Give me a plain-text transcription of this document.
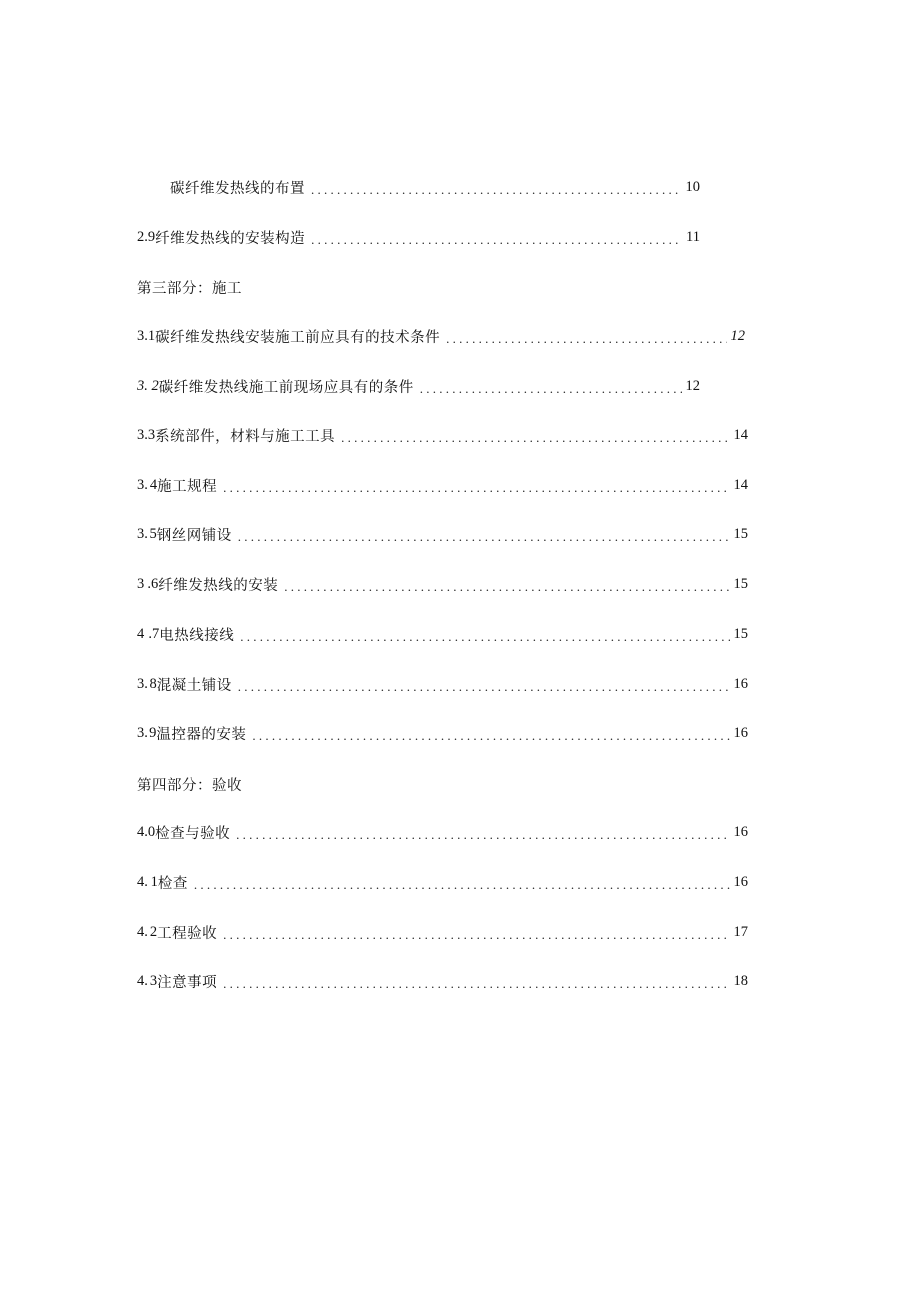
碳纤维发热线的布置 . . .	10
2.9 纤维发热线的安装构造 . . .	11
第三部分：施工
3.1 碳纤维发热线安装施工前应具有的技术条件 . . .	12
3. 2 碳纤维发热线施工前现场应具有的条件 . . .	12
3.3 系统部件，材料与施工工具 . . .	14
3. 4 施工规程 . . .	14
3. 5 钢丝网铺设 . . .	15
3 .6 纤维发热线的安装 . . .	15
4 .7 电热线接线 . . .	15
3. 8 混凝土铺设 . . .	16
3. 9 温控器的安装 . . .	16
第四部分：验收
4.0 检查与验收 . . .	16
4. 1 检查 . . .	16
4. 2 工程验收 . . .	17
4. 3 注意事项 . . .	18
